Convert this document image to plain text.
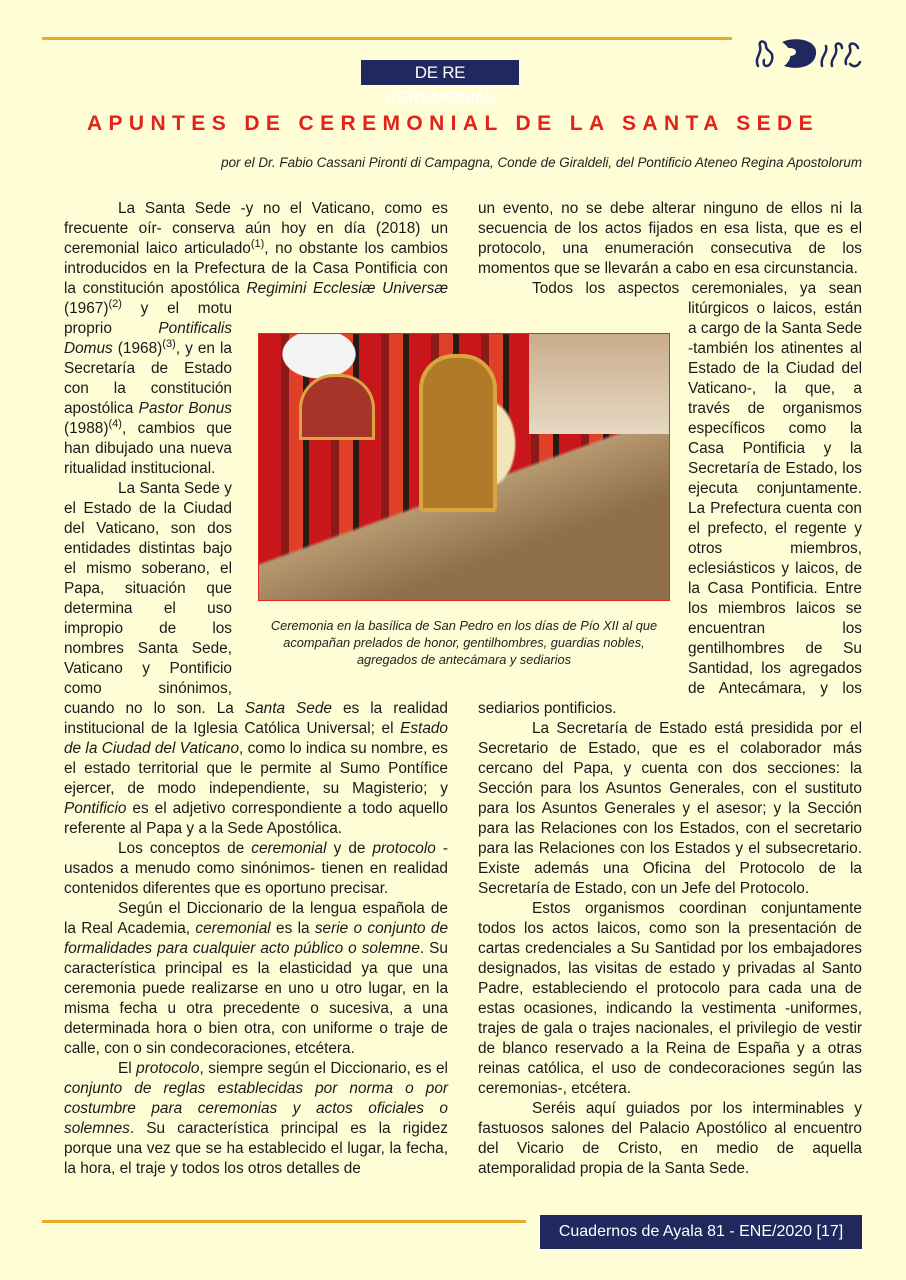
DE RE CEREMONIAL
APUNTES DE CEREMONIAL DE LA SANTA SEDE
por el Dr. Fabio Cassani Pironti di Campagna, Conde de Giraldeli, del Pontificio Ateneo Regina Apostolorum

La Santa Sede -y no el Vaticano, como es frecuente oír- conserva aún hoy en día (2018) un ceremonial laico articulado$^{(1)}$, no obstante los cambios introducidos en la Prefectura de la Casa Pontificia con la constitución apostólica Regimini Ecclesiæ Universæ $(1967)^{(2)}$ y el motu proprio Pontificalis Domus $(1968)^{(3)}$, y en la Secretaría de Estado con la constitución apostólica Pastor Bonus $(1988)^{(4)}$, cambios que han dibujado una nueva ritualidad institucional.

La Santa Sede y el Estado de la Ciudad del Vaticano, son dos entidades distintas bajo el mismo soberano, el Papa, situación que determina el uso impropio de los nombres Santa Sede, Vaticano y Pontificio como sinónimos, cuando no lo son. La Santa Sede es la realidad institucional de la Iglesia Católica Universal; el Estado de la Ciudad del Vaticano, como lo indica su nombre, es el estado territorial que le permite al Sumo Pontífice ejercer, de modo independiente, su Magisterio; y Pontificio es el adjetivo correspondiente a todo aquello referente al Papa y a la Sede Apostólica.

Los conceptos de ceremonial y de protocolo -usados a menudo como sinónimos- tienen en realidad contenidos diferentes que es oportuno precisar.

Según el Diccionario de la lengua española de la Real Academia, ceremonial es la serie o conjunto de formalidades para cualquier acto público o solemne. Su característica principal es la elasticidad ya que una ceremonia puede realizarse en uno u otro lugar, en la misma fecha u otra precedente o sucesiva, a una determinada hora o bien otra, con uniforme o traje de calle, con o sin condecoraciones, etcétera.

El protocolo, siempre según el Diccionario, es el conjunto de reglas establecidas por norma o por costumbre para ceremonias y actos oficiales o solemnes. Su característica principal es la rigidez porque una vez que se ha establecido el lugar, la fecha, la hora, el traje y todos los otros detalles de

un evento, no se debe alterar ninguno de ellos ni la secuencia de los actos fijados en esa lista, que es el protocolo, una enumeración consecutiva de los momentos que se llevarán a cabo en esa circunstancia.

Todos los aspectos ceremoniales, ya sean litúrgicos o laicos, están a cargo de la Santa Sede -también los atinentes al Estado de la Ciudad del Vaticano-, la que, a través de organismos específicos como la Casa Pontificia y la Secretaría de Estado, los ejecuta conjuntamente. La Prefectura cuenta con el prefecto, el regente y otros miembros, eclesiásticos y laicos, de la Casa Pontificia. Entre los miembros laicos se encuentran los gentilhombres de Su Santidad, los agregados de Antecámara, y los sediarios pontificios.

La Secretaría de Estado está presidida por el Secretario de Estado, que es el colaborador más cercano del Papa, y cuenta con dos secciones: la Sección para los Asuntos Generales, con el sustituto para los Asuntos Generales y el asesor; y la Sección para las Relaciones con los Estados, con el secretario para las Relaciones con los Estados y el subsecretario. Existe además una Oficina del Protocolo de la Secretaría de Estado, con un Jefe del Protocolo.

Estos organismos coordinan conjuntamente todos los actos laicos, como son la presentación de cartas credenciales a Su Santidad por los embajadores designados, las visitas de estado y privadas al Santo Padre, estableciendo el protocolo para cada una de estas ocasiones, indicando la vestimenta -uniformes, trajes de gala o trajes nacionales, el privilegio de vestir de blanco reservado a la Reina de España y a otras reinas católica, el uso de condecoraciones según las ceremonias-, etcétera.

Seréis aquí guiados por los interminables y fastuosos salones del Palacio Apostólico al encuentro del Vicario de Cristo, en medio de aquella atemporalidad propia de la Santa Sede.

Ceremonia en la basílica de San Pedro en los días de Pío XII al que acompañan prelados de honor, gentilhombres, guardias nobles, agregados de antecámara y sediarios
Cuadernos de Ayala 81 - ENE/2020 [17]
